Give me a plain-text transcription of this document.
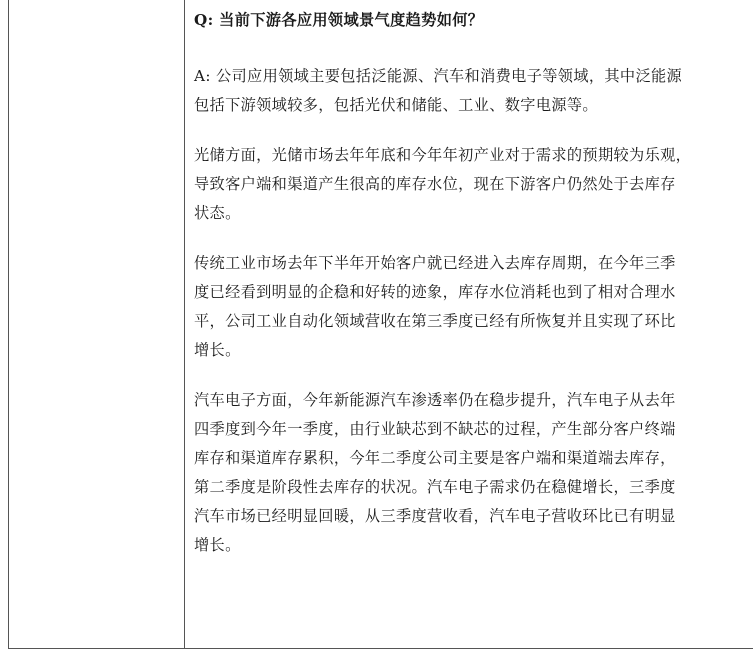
Q: 当前下游各应用领域景气度趋势如何？

A: 公司应用领域主要包括泛能源、汽车和消费电子等领域，其中泛能源
包括下游领域较多，包括光伏和储能、工业、数字电源等。

光储方面，光储市场去年年底和今年年初产业对于需求的预期较为乐观，
导致客户端和渠道产生很高的库存水位，现在下游客户仍然处于去库存
状态。

传统工业市场去年下半年开始客户就已经进入去库存周期，在今年三季
度已经看到明显的企稳和好转的迹象，库存水位消耗也到了相对合理水
平，公司工业自动化领域营收在第三季度已经有所恢复并且实现了环比
增长。

汽车电子方面，今年新能源汽车渗透率仍在稳步提升，汽车电子从去年
四季度到今年一季度，由行业缺芯到不缺芯的过程，产生部分客户终端
库存和渠道库存累积，今年二季度公司主要是客户端和渠道端去库存，
第二季度是阶段性去库存的状况。汽车电子需求仍在稳健增长，三季度
汽车市场已经明显回暖，从三季度营收看，汽车电子营收环比已有明显
增长。
